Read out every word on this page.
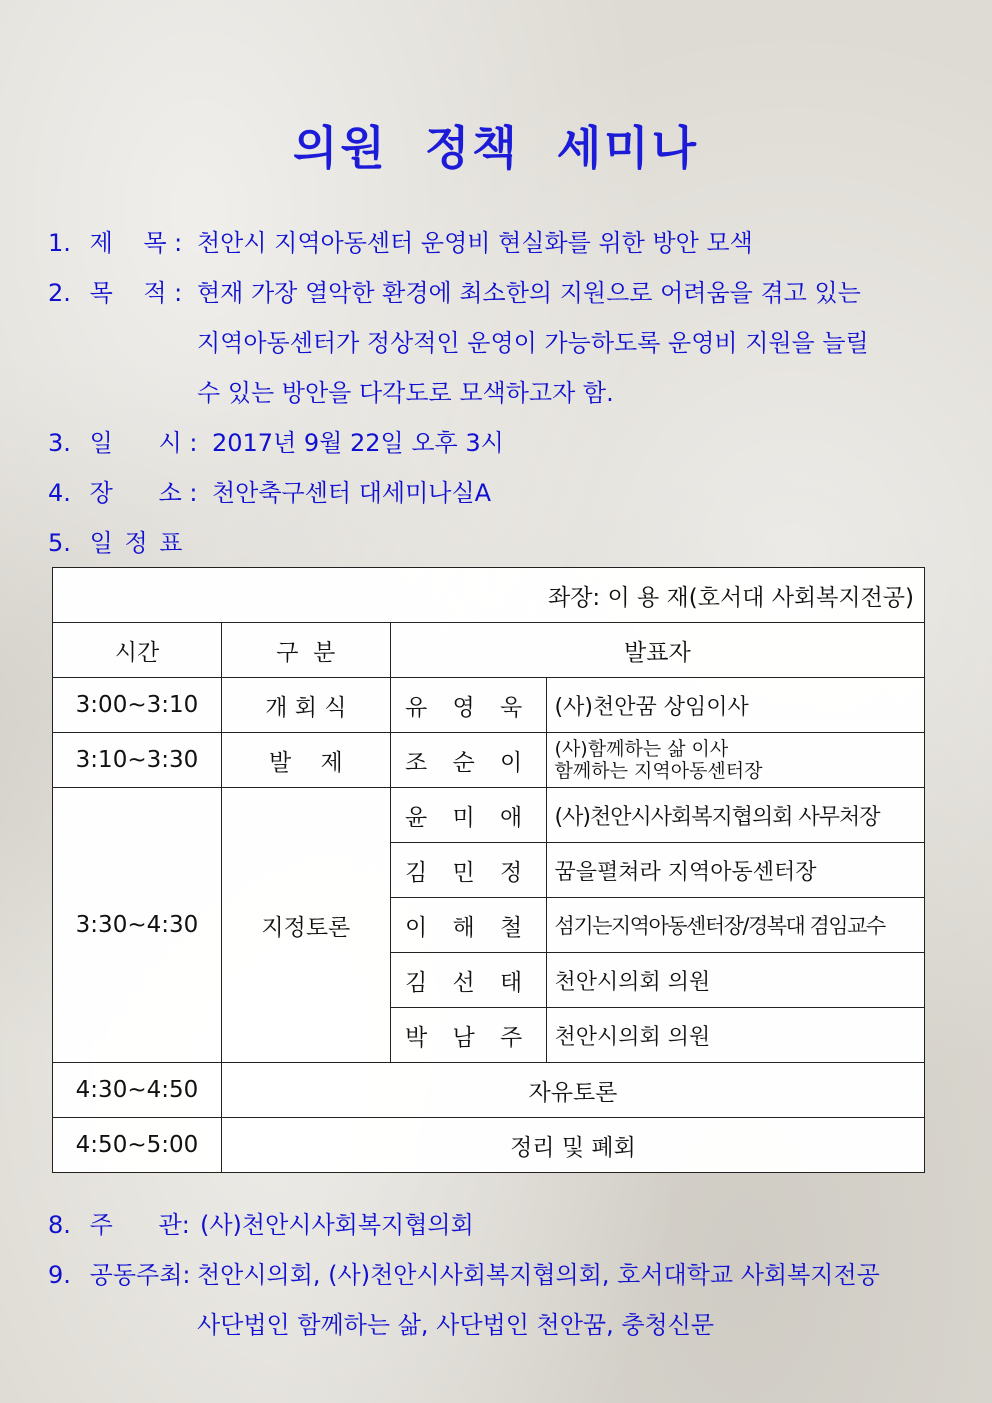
의원 정책 세미나
1. 제    목 : 천안시 지역아동센터 운영비 현실화를 위한 방안 모색
2. 목    적 : 현재 가장 열악한 환경에 최소한의 지원으로 어려움을 겪고 있는
지역아동센터가 정상적인 운영이 가능하도록 운영비 지원을 늘릴
수 있는 방안을 다각도로 모색하고자 함.
3. 일      시 : 2017년 9월 22일 오후 3시
4. 장      소 : 천안축구센터 대세미나실A
5. 일 정 표
좌장: 이 용 재(호서대 사회복지전공)			
시간	구  분	발표자	
3:00~3:10	개 회 식	유 영 욱	(사)천안꿈 상임이사
3:10~3:30	발    제	조 순 이	(사)함께하는 삶 이사
함께하는 지역아동센터장

3:30~4:30	지정토론	윤 미 애	(사)천안시사회복지협의회 사무처장
		김 민 정	꿈을펼쳐라 지역아동센터장
		이 해 철	섬기는지역아동센터장/경복대 겸임교수
		김 선 태	천안시의회 의원
		박 남 주	천안시의회 의원
4:30~4:50	자유토론		
4:50~5:00	정리 및 폐회		
8. 주      관: (사)천안시사회복지협의회
9. 공동주최: 천안시의회, (사)천안시사회복지협의회, 호서대학교 사회복지전공
사단법인 함께하는 삶, 사단법인 천안꿈, 충청신문
